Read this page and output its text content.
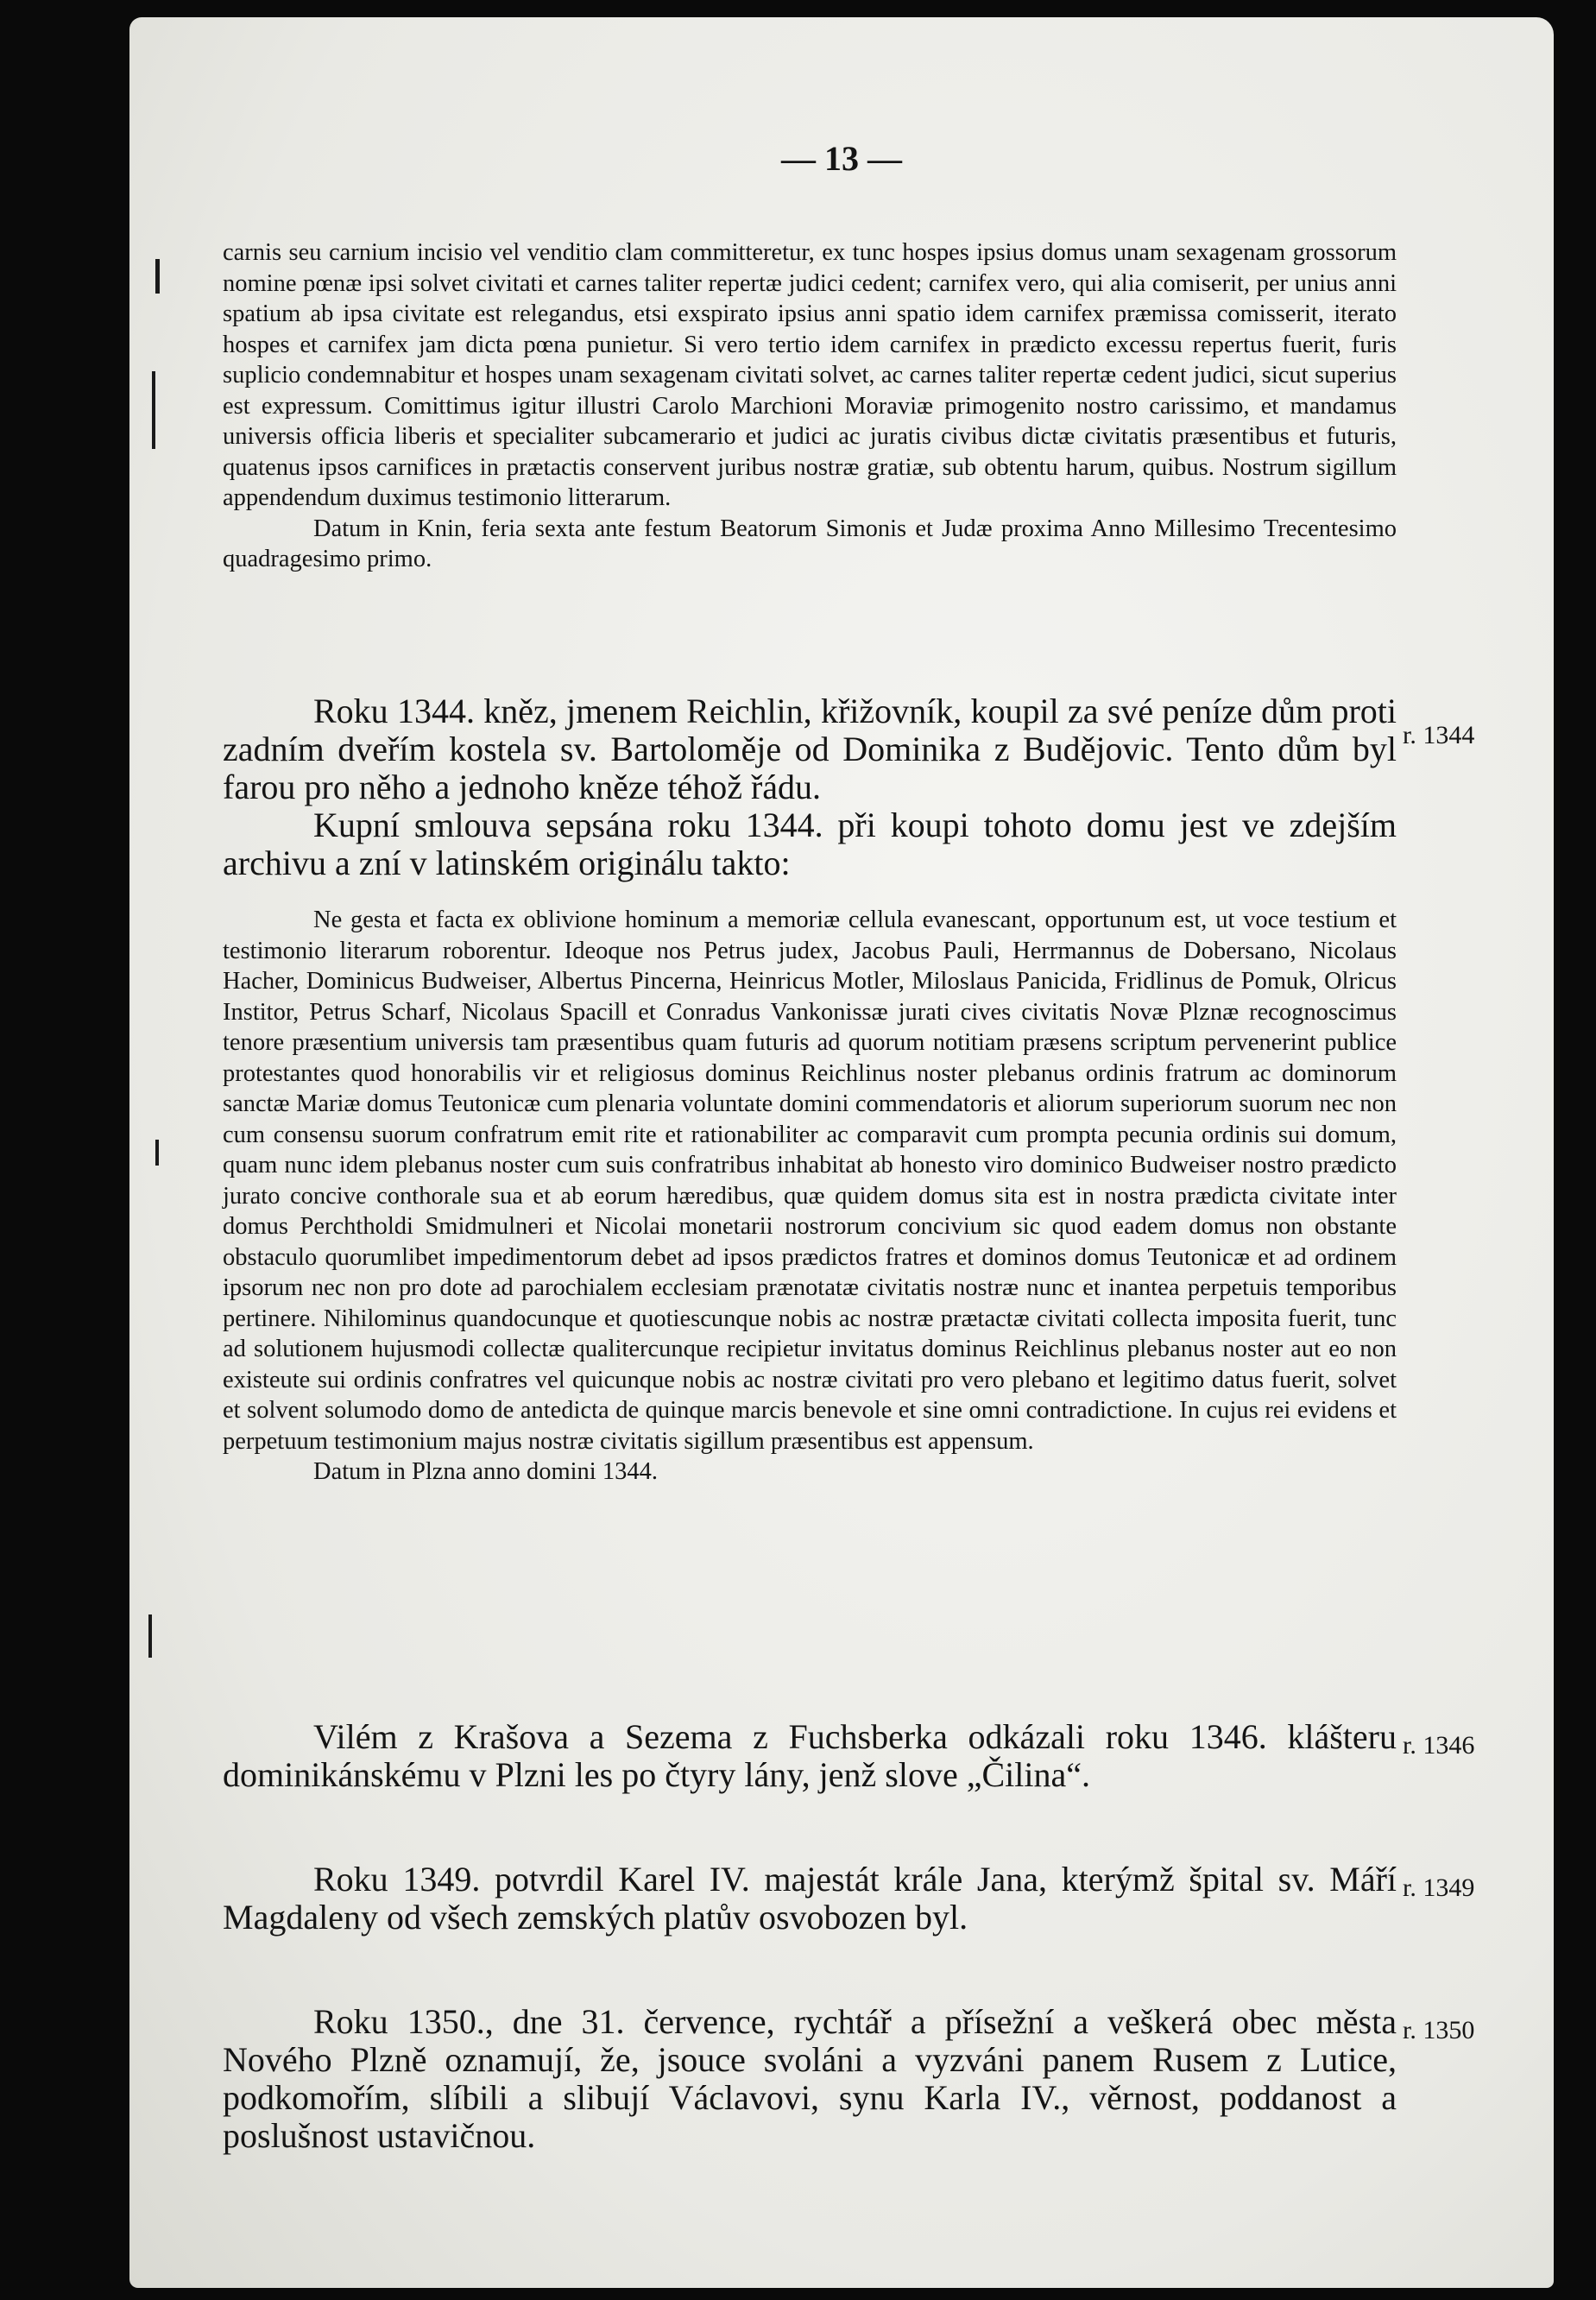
— 13 —

carnis seu carnium incisio vel venditio clam committeretur, ex tunc hospes ipsius domus unam sexagenam grossorum nomine pœnæ ipsi solvet civitati et carnes taliter repertæ judici cedent; carnifex vero, qui alia comiserit, per unius anni spatium ab ipsa civitate est relegandus, etsi exspirato ipsius anni spatio idem carnifex præmissa comisserit, iterato hospes et carnifex jam dicta pœna punietur. Si vero tertio idem carnifex in prædicto excessu repertus fuerit, furis suplicio condemnabitur et hospes unam sexagenam civitati solvet, ac carnes taliter repertæ cedent judici, sicut superius est expressum. Comittimus igitur illustri Carolo Marchioni Moraviæ primogenito nostro carissimo, et mandamus universis officia liberis et specialiter subcamerario et judici ac juratis civibus dictæ civitatis præsentibus et futuris, quatenus ipsos carnifices in prætactis conservent juribus nostræ gratiæ, sub obtentu harum, quibus. Nostrum sigillum appendendum duximus testimonio litterarum.

Datum in Knin, feria sexta ante festum Beatorum Simonis et Judæ proxima Anno Millesimo Trecentesimo quadragesimo primo.

Roku 1344. kněz, jmenem Reichlin, křižovník, koupil za své peníze dům proti zadním dveřím kostela sv. Bartoloměje od Dominika z Budějovic. Tento dům byl farou pro něho a jednoho kněze téhož řádu.

Kupní smlouva sepsána roku 1344. při koupi tohoto domu jest ve zdejším archivu a zní v latinském originálu takto:

r. 1344

Ne gesta et facta ex oblivione hominum a memoriæ cellula evanescant, opportunum est, ut voce testium et testimonio literarum roborentur. Ideoque nos Petrus judex, Jacobus Pauli, Herrmannus de Dobersano, Nicolaus Hacher, Dominicus Budweiser, Albertus Pincerna, Heinricus Motler, Miloslaus Panicida, Fridlinus de Pomuk, Olricus Institor, Petrus Scharf, Nicolaus Spacill et Conradus Vankonissæ jurati cives civitatis Novæ Plznæ recognoscimus tenore præsentium universis tam præsentibus quam futuris ad quorum notitiam præsens scriptum pervenerint publice protestantes quod honorabilis vir et religiosus dominus Reichlinus noster plebanus ordinis fratrum ac dominorum sanctæ Mariæ domus Teutonicæ cum plenaria voluntate domini commendatoris et aliorum superiorum suorum nec non cum consensu suorum confratrum emit rite et rationabiliter ac comparavit cum prompta pecunia ordinis sui domum, quam nunc idem plebanus noster cum suis confratribus inhabitat ab honesto viro dominico Budweiser nostro prædicto jurato concive conthorale sua et ab eorum hæredibus, quæ quidem domus sita est in nostra prædicta civitate inter domus Perchtholdi Smidmulneri et Nicolai monetarii nostrorum concivium sic quod eadem domus non obstante obstaculo quorumlibet impedimentorum debet ad ipsos prædictos fratres et dominos domus Teutonicæ et ad ordinem ipsorum nec non pro dote ad parochialem ecclesiam prænotatæ civitatis nostræ nunc et inantea perpetuis temporibus pertinere. Nihilominus quandocunque et quotiescunque nobis ac nostræ prætactæ civitati collecta imposita fuerit, tunc ad solutionem hujusmodi collectæ qualitercunque recipietur invitatus dominus Reichlinus plebanus noster aut eo non existeute sui ordinis confratres vel quicunque nobis ac nostræ civitati pro vero plebano et legitimo datus fuerit, solvet et solvent solumodo domo de antedicta de quinque marcis benevole et sine omni contradictione. In cujus rei evidens et perpetuum testimonium majus nostræ civitatis sigillum præsentibus est appensum.

Datum in Plzna anno domini 1344.

Vilém z Krašova a Sezema z Fuchsberka odkázali roku 1346. klášteru dominikánskému v Plzni les po čtyry lány, jenž slove „Čilina“.

r. 1346

Roku 1349. potvrdil Karel IV. majestát krále Jana, kterýmž špital sv. Máří Magdaleny od všech zemských platův osvobozen byl.

r. 1349

Roku 1350., dne 31. července, rychtář a přísežní a veškerá obec města Nového Plzně oznamují, že, jsouce svoláni a vyzváni panem Rusem z Lutice, podkomořím, slíbili a slibují Václavovi, synu Karla IV., věrnost, poddanost a poslušnost ustavičnou.

r. 1350
